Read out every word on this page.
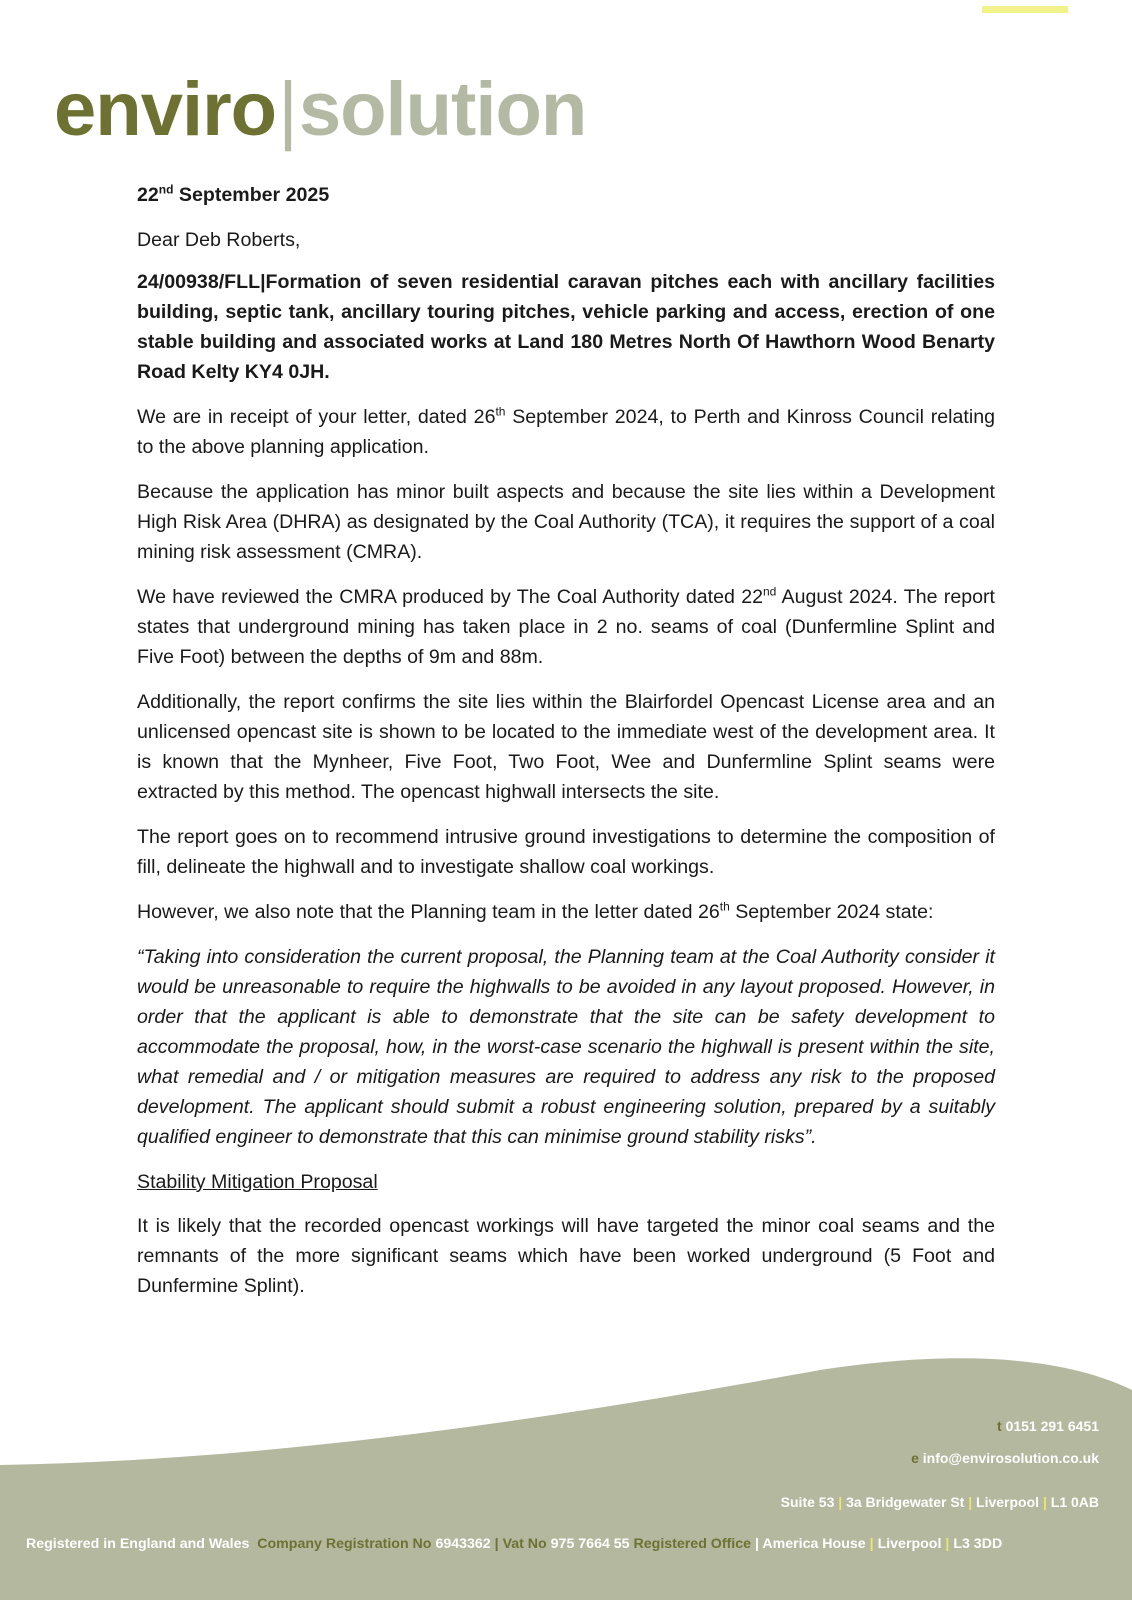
enviro|solution

22nd September 2025

Dear Deb Roberts,

24/00938/FLL|Formation of seven residential caravan pitches each with ancillary facilities building, septic tank, ancillary touring pitches, vehicle parking and access, erection of one stable building and associated works at Land 180 Metres North Of Hawthorn Wood Benarty Road Kelty KY4 0JH.

We are in receipt of your letter, dated 26th September 2024, to Perth and Kinross Council relating to the above planning application.

Because the application has minor built aspects and because the site lies within a Development High Risk Area (DHRA) as designated by the Coal Authority (TCA), it requires the support of a coal mining risk assessment (CMRA).

We have reviewed the CMRA produced by The Coal Authority dated 22nd August 2024. The report states that underground mining has taken place in 2 no. seams of coal (Dunfermline Splint and Five Foot) between the depths of 9m and 88m.

Additionally, the report confirms the site lies within the Blairfordel Opencast License area and an unlicensed opencast site is shown to be located to the immediate west of the development area. It is known that the Mynheer, Five Foot, Two Foot, Wee and Dunfermline Splint seams were extracted by this method. The opencast highwall intersects the site.

The report goes on to recommend intrusive ground investigations to determine the composition of fill, delineate the highwall and to investigate shallow coal workings.

However, we also note that the Planning team in the letter dated 26th September 2024 state:

“Taking into consideration the current proposal, the Planning team at the Coal Authority consider it would be unreasonable to require the highwalls to be avoided in any layout proposed. However, in order that the applicant is able to demonstrate that the site can be safety development to accommodate the proposal, how, in the worst-case scenario the highwall is present within the site, what remedial and / or mitigation measures are required to address any risk to the proposed development. The applicant should submit a robust engineering solution, prepared by a suitably qualified engineer to demonstrate that this can minimise ground stability risks”.

Stability Mitigation Proposal

It is likely that the recorded opencast workings will have targeted the minor coal seams and the remnants of the more significant seams which have been worked underground (5 Foot and Dunfermine Splint).

t 0151 291 6451
e info@envirosolution.co.uk
Suite 53 | 3a Bridgewater St | Liverpool | L1 0AB
Registered in England and Wales Company Registration No 6943362 | Vat No 975 7664 55 Registered Office | America House | Liverpool | L3 3DD
